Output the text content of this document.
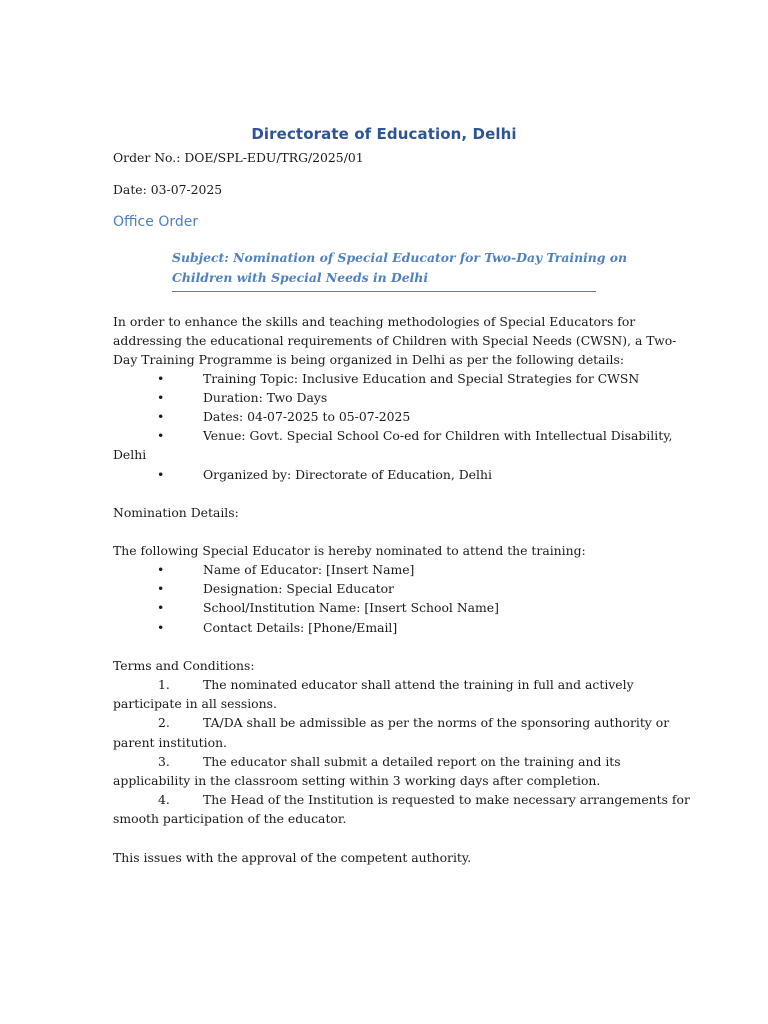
Directorate of Education, Delhi
Order No.: DOE/SPL-EDU/TRG/2025/01
Date: 03-07-2025
Office Order
Subject: Nomination of Special Educator for Two-Day Training on
Children with Special Needs in Delhi
In order to enhance the skills and teaching methodologies of Special Educators for
addressing the educational requirements of Children with Special Needs (CWSN), a Two-
Day Training Programme is being organized in Delhi as per the following details:
•	Training Topic: Inclusive Education and Special Strategies for CWSN
•	Duration: Two Days
•	Dates: 04-07-2025 to 05-07-2025
•	Venue: Govt. Special School Co-ed for Children with Intellectual Disability,
Delhi
•	Organized by: Directorate of Education, Delhi
Nomination Details:
The following Special Educator is hereby nominated to attend the training:
•	Name of Educator: [Insert Name]
•	Designation: Special Educator
•	School/Institution Name: [Insert School Name]
•	Contact Details: [Phone/Email]
Terms and Conditions:
1.	The nominated educator shall attend the training in full and actively
participate in all sessions.
2.	TA/DA shall be admissible as per the norms of the sponsoring authority or
parent institution.
3.	The educator shall submit a detailed report on the training and its
applicability in the classroom setting within 3 working days after completion.
4.	The Head of the Institution is requested to make necessary arrangements for
smooth participation of the educator.
This issues with the approval of the competent authority.
